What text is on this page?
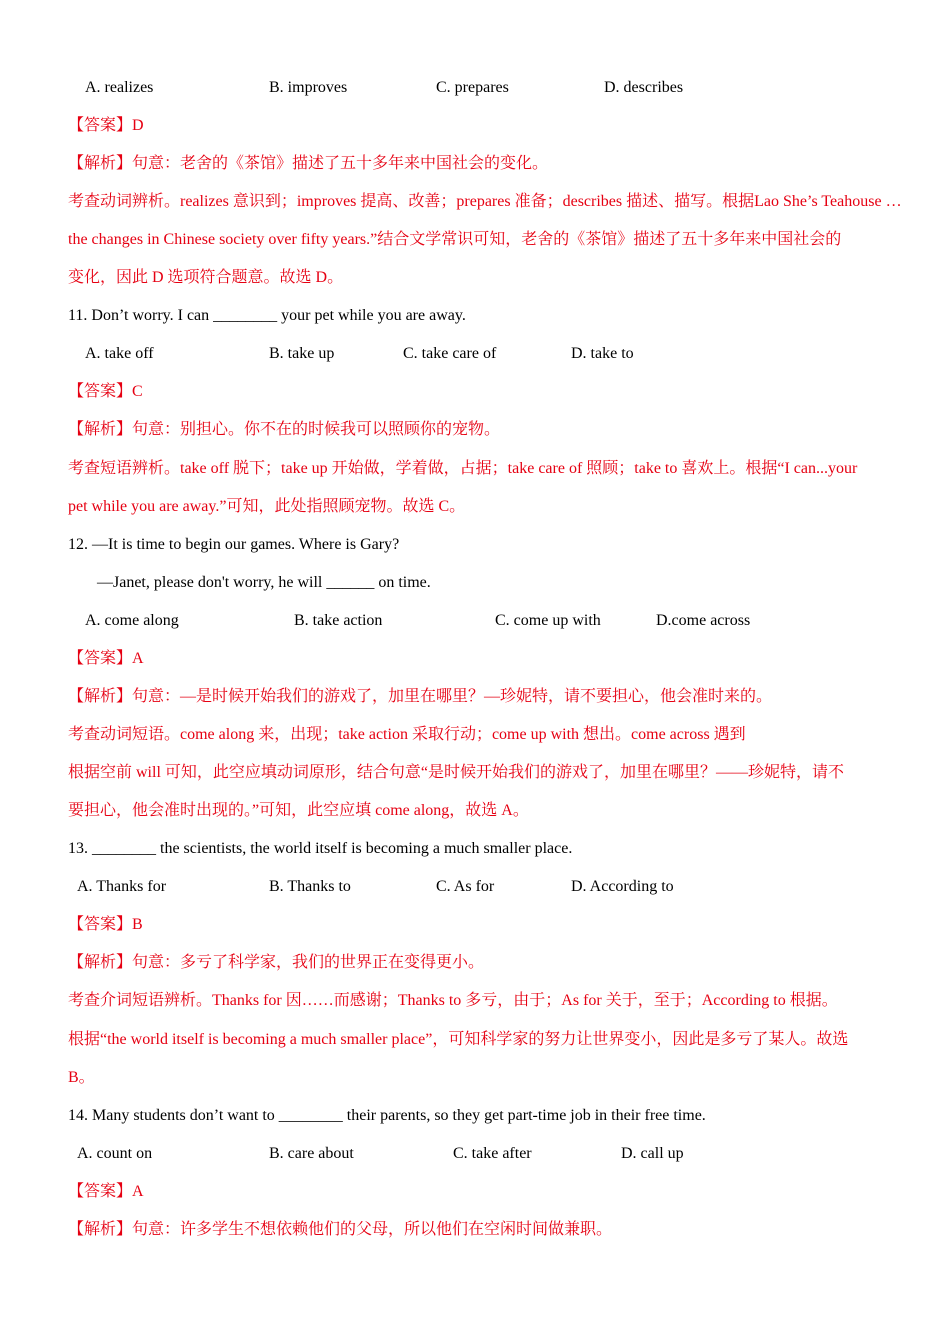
A. realizes	B. improves	C. prepares	D. describes
【答案】D
【解析】句意：老舍的《茶馆》描述了五十多年来中国社会的变化。
考查动词辨析。realizes 意识到；improves 提高、改善；prepares 准备；describes 描述、描写。根据Lao She’s Teahouse …
the changes in Chinese society over fifty years.”结合文学常识可知，老舍的《茶馆》描述了五十多年来中国社会的
变化，因此 D 选项符合题意。故选 D。
11. Don’t worry. I can ________ your pet while you are away.
A. take off	B. take up	C. take care of	D. take to
【答案】C
【解析】句意：别担心。你不在的时候我可以照顾你的宠物。
考查短语辨析。take off 脱下；take up 开始做，学着做，占据；take care of 照顾；take to 喜欢上。根据“I can...your
pet while you are away.”可知，此处指照顾宠物。故选 C。
12. —It is time to begin our games. Where is Gary?
—Janet, please don't worry, he will ______ on time.
A. come along	B. take action	C. come up with	D.come across
【答案】A
【解析】句意：—是时候开始我们的游戏了，加里在哪里？—珍妮特，请不要担心，他会准时来的。
考查动词短语。come along 来，出现；take action 采取行动；come up with 想出。come across 遇到
根据空前 will 可知，此空应填动词原形，结合句意“是时候开始我们的游戏了，加里在哪里？——珍妮特，请不
要担心，他会准时出现的。”可知，此空应填 come along，故选 A。
13. ________ the scientists, the world itself is becoming a much smaller place.
A. Thanks for	B. Thanks to	C. As for	D. According to
【答案】B
【解析】句意：多亏了科学家，我们的世界正在变得更小。
考查介词短语辨析。Thanks for 因……而感谢；Thanks to 多亏，由于；As for 关于，至于；According to 根据。
根据“the world itself is becoming a much smaller place”，可知科学家的努力让世界变小，因此是多亏了某人。故选
B。
14. Many students don’t want to ________ their parents, so they get part-time job in their free time.
A. count on	B. care about	C. take after	D. call up
【答案】A
【解析】句意：许多学生不想依赖他们的父母，所以他们在空闲时间做兼职。
